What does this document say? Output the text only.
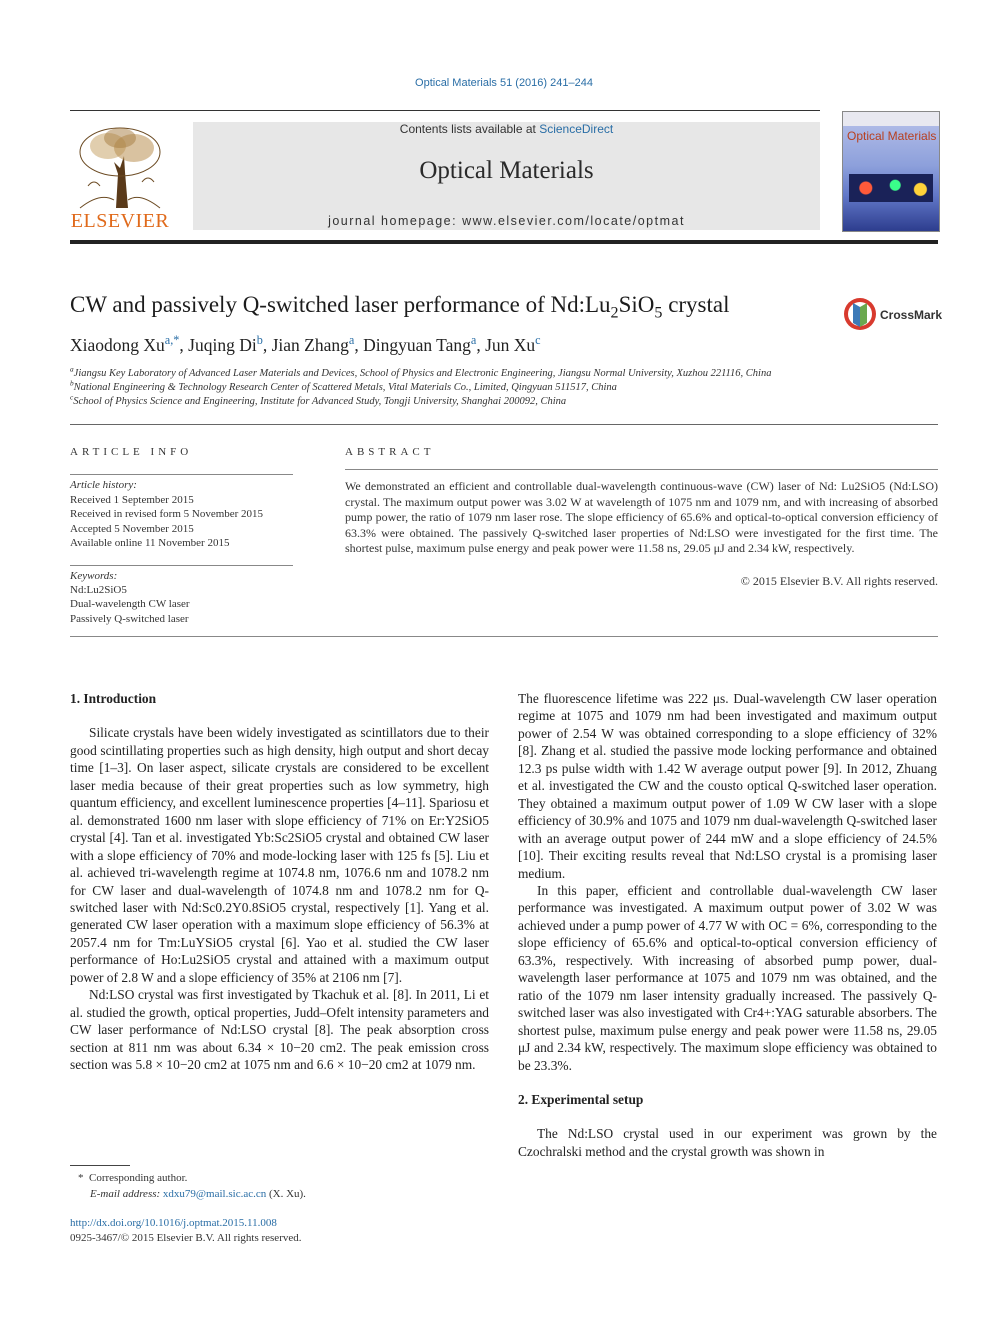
Optical Materials 51 (2016) 241–244
ELSEVIER
Contents lists available at ScienceDirect
Optical Materials
journal homepage: www.elsevier.com/locate/optmat
Optical Materials
CW and passively Q-switched laser performance of $Nd:Lu_2SiO_5$ crystal	CrossMark
Xiaodong $Xu^{a,*}$, Juqing Di$^b$, Jian Zhang$^a$, Dingyuan Tang$^a$, Jun Xu$^c$
$^a$Jiangsu Key Laboratory of Advanced Laser Materials and Devices, School of Physics and Electronic Engineering, Jiangsu Normal University, Xuzhou 221116, China
$^b$National Engineering & Technology Research Center of Scattered Metals, Vital Materials Co., Limited, Qingyuan 511517, China
$^c$School of Physics Science and Engineering, Institute for Advanced Study, Tongji University, Shanghai 200092, China
ARTICLE INFO
Article history:
Received 1 September 2015
Received in revised form 5 November 2015
Accepted 5 November 2015
Available online 11 November 2015
Keywords:
Nd:Lu2SiO5
Dual-wavelength CW laser
Passively Q-switched laser
ABSTRACT
We demonstrated an efficient and controllable dual-wavelength continuous-wave (CW) laser of Nd: Lu2SiO5 (Nd:LSO) crystal. The maximum output power was 3.02 W at wavelength of 1075 nm and 1079 nm, and with increasing of absorbed pump power, the ratio of 1079 nm laser rose. The slope efficiency of 65.6% and optical-to-optical conversion efficiency of 63.3% were obtained. The passively Q-switched laser properties of Nd:LSO were investigated for the first time. The shortest pulse, maximum pulse energy and peak power were 11.58 ns, 29.05 μJ and 2.34 kW, respectively.
© 2015 Elsevier B.V. All rights reserved.

1. Introduction

Silicate crystals have been widely investigated as scintillators due to their good scintillating properties such as high density, high output and short decay time [1–3]. On laser aspect, silicate crystals are considered to be excellent laser media because of their great properties such as low symmetry, high quantum efficiency, and excellent luminescence properties [4–11]. Spariosu et al. demonstrated 1600 nm laser with slope efficiency of 71% on Er:Y2SiO5 crystal [4]. Tan et al. investigated Yb:Sc2SiO5 crystal and obtained CW laser with a slope efficiency of 70% and mode-locking laser with 125 fs [5]. Liu et al. achieved tri-wavelength regime at 1074.8 nm, 1076.6 nm and 1078.2 nm for CW laser and dual-wavelength of 1074.8 nm and 1078.2 nm for Q-switched laser with Nd:Sc0.2Y0.8SiO5 crystal, respectively [1]. Yang et al. generated CW laser operation with a maximum slope efficiency of 56.3% at 2057.4 nm for Tm:LuYSiO5 crystal [6]. Yao et al. studied the CW laser performance of Ho:Lu2SiO5 crystal and attained with a maximum output power of 2.8 W and a slope efficiency of 35% at 2106 nm [7].

Nd:LSO crystal was first investigated by Tkachuk et al. [8]. In 2011, Li et al. studied the growth, optical properties, Judd–Ofelt intensity parameters and CW laser performance of Nd:LSO crystal [8]. The peak absorption cross section at 811 nm was about 6.34 × 10−20 cm2. The peak emission cross section was 5.8 × 10−20 cm2 at 1075 nm and 6.6 × 10−20 cm2 at 1079 nm.

The fluorescence lifetime was 222 μs. Dual-wavelength CW laser operation regime at 1075 and 1079 nm had been investigated and maximum output power of 2.54 W was obtained corresponding to a slope efficiency of 32% [8]. Zhang et al. studied the passive mode locking performance and obtained 12.3 ps pulse width with 1.42 W average output power [9]. In 2012, Zhuang et al. investigated the CW and the cousto optical Q-switched laser operation. They obtained a maximum output power of 1.09 W CW laser with a slope efficiency of 30.9% and 1075 and 1079 nm dual-wavelength Q-switched laser with an average output power of 244 mW and a slope efficiency of 24.5% [10]. Their exciting results reveal that Nd:LSO crystal is a promising laser medium.

In this paper, efficient and controllable dual-wavelength CW laser performance was investigated. A maximum output power of 3.02 W was achieved under a pump power of 4.77 W with OC = 6%, corresponding to the slope efficiency of 65.6% and optical-to-optical conversion efficiency of 63.3%, respectively. With increasing of absorbed pump power, dual-wavelength laser performance at 1075 and 1079 nm was obtained, and the ratio of the 1079 nm laser intensity gradually increased. The passively Q-switched laser was also investigated with Cr4+:YAG saturable absorbers. The shortest pulse, maximum pulse energy and peak power were 11.58 ns, 29.05 μJ and 2.34 kW, respectively. The maximum slope efficiency was obtained to be 23.3%.

2. Experimental setup

The Nd:LSO crystal used in our experiment was grown by the Czochralski method and the crystal growth was shown in

* Corresponding author.
E-mail address: xdxu79@mail.sic.ac.cn (X. Xu).
http://dx.doi.org/10.1016/j.optmat.2015.11.008
0925-3467/© 2015 Elsevier B.V. All rights reserved.
